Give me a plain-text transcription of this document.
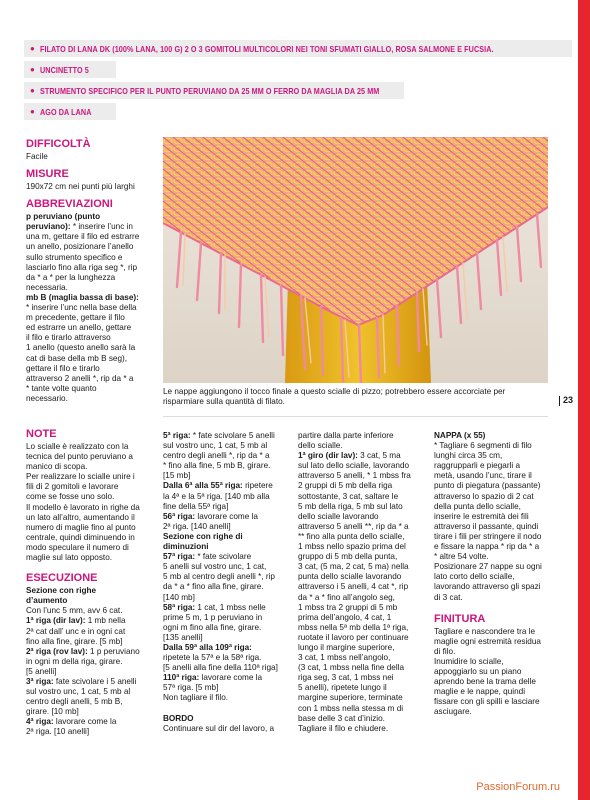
● FILATO DI LANA DK (100% LANA, 100 G) 2 O 3 GOMITOLI MULTICOLORI NEI TONI SFUMATI GIALLO, ROSA SALMONE E FUCSIA.
● UNCINETTO 5
● STRUMENTO SPECIFICO PER IL PUNTO PERUVIANO DA 25 MM O FERRO DA MAGLIA DA 25 MM
● AGO DA LANA
DIFFICOLTÀ
Facile
MISURE
190x72 cm nei punti più larghi
ABBREVIAZIONI
p peruviano (punto
peruviano): * inserire l’unc in
una m, gettare il filo ed estrarre
un anello, posizionare l’anello
sullo strumento specifico e
lasciarlo fino alla riga seg *, rip
da * a * per la lunghezza
necessaria.
mb B (maglia bassa di base):
* inserire l’unc nella base della
m precedente, gettare il filo
ed estrarre un anello, gettare
il filo e tirarlo attraverso
1 anello (questo anello sarà la
cat di base della mb B seg),
gettare il filo e tirarlo
attraverso 2 anelli *, rip da * a
* tante volte quanto
necessario.
Le nappe aggiungono il tocco finale a questo scialle di pizzo; potrebbero essere accorciate per risparmiare sulla quantità di filato.	23
NOTE
Lo scialle è realizzato con la
tecnica del punto peruviano a
manico di scopa.
Per realizzare lo scialle unire i
fili di 2 gomitoli e lavorare
come se fosse uno solo.
Il modello è lavorato in righe da
un lato all’altro, aumentando il
numero di maglie fino al punto
centrale, quindi diminuendo in
modo speculare il numero di
maglie sul lato opposto.
ESECUZIONE
Sezione con righe
d’aumento
Con l’unc 5 mm, avv 6 cat.
1ª riga (dir lav): 1 mb nella
2ª cat dall’ unc e in ogni cat
fino alla fine, girare. [5 mb]
2ª riga (rov lav): 1 p peruviano
in ogni m della riga, girare.
[5 anelli]
3ª riga: fate scivolare i 5 anelli
sul vostro unc, 1 cat, 5 mb al
centro degli anelli, 5 mb B,
girare. [10 mb]
4ª riga: lavorare come la
2ª riga. [10 anelli]
5ª riga: * fate scivolare 5 anelli
sul vostro unc, 1 cat, 5 mb al
centro degli anelli *, rip da * a
* fino alla fine, 5 mb B, girare.
[15 mb]
Dalla 6ª alla 55ª riga: ripetere
la 4ª e la 5ª riga. [140 mb alla
fine della 55ª riga]
56ª riga: lavorare come la
2ª riga. [140 anelli]
Sezione con righe di
diminuzioni
57ª riga: * fate scivolare
5 anelli sul vostro unc, 1 cat,
5 mb al centro degli anelli *, rip
da * a * fino alla fine, girare.
[140 mb]
58ª riga: 1 cat, 1 mbss nelle
prime 5 m, 1 p peruviano in
ogni m fino alla fine, girare.
[135 anelli]
Dalla 59ª alla 109ª riga:
ripetete la 57ª e la 58ª riga.
[5 anelli alla fine della 110ª riga]
110ª riga: lavorare come la
57ª riga. [5 mb]
Non tagliare il filo.

BORDO
Continuare sul dir del lavoro, a
partire dalla parte inferiore
dello scialle.
1ª giro (dir lav): 3 cat, 5 ma
sul lato dello scialle, lavorando
attraverso 5 anelli, * 1 mbss fra
2 gruppi di 5 mb della riga
sottostante, 3 cat, saltare le
5 mb della riga, 5 mb sul lato
dello scialle lavorando
attraverso 5 anelli **, rip da * a
** fino alla punta dello scialle,
1 mbss nello spazio prima del
gruppo di 5 mb della punta,
3 cat, (5 ma, 2 cat, 5 ma) nella
punta dello scialle lavorando
attraverso i 5 anelli, 4 cat *, rip
da * a * fino all’angolo seg,
1 mbss tra 2 gruppi di 5 mb
prima dell’angolo, 4 cat, 1
mbss nella 5ª mb della 1ª riga,
ruotate il lavoro per continuare
lungo il margine superiore,
3 cat, 1 mbss nell’angolo,
(3 cat, 1 mbss nella fine della
riga seg, 3 cat, 1 mbss nei
5 anelli), ripetete lungo il
margine superiore, terminate
con 1 mbss nella stessa m di
base delle 3 cat d’inizio.
Tagliare il filo e chiudere.
NAPPA (x 55)
* Tagliare 6 segmenti di filo
lunghi circa 35 cm,
raggrupparli e piegarli a
metà, usando l’unc, tirare il
punto di piegatura (passante)
attraverso lo spazio di 2 cat
della punta dello scialle,
inserire le estremità dei fili
attraverso il passante, quindi
tirare i fili per stringere il nodo
e fissare la nappa * rip da * a
* altre 54 volte.
Posizionare 27 nappe su ogni
lato corto dello scialle,
lavorando attraverso gli spazi
di 3 cat.
FINITURA
Tagliare e nascondere tra le
maglie ogni estremità residua
di filo.
Inumidire lo scialle,
appoggiarlo su un piano
aprendo bene la trama delle
maglie e le nappe, quindi
fissare con gli spilli e lasciare
asciugare.
PassionForum.ru
